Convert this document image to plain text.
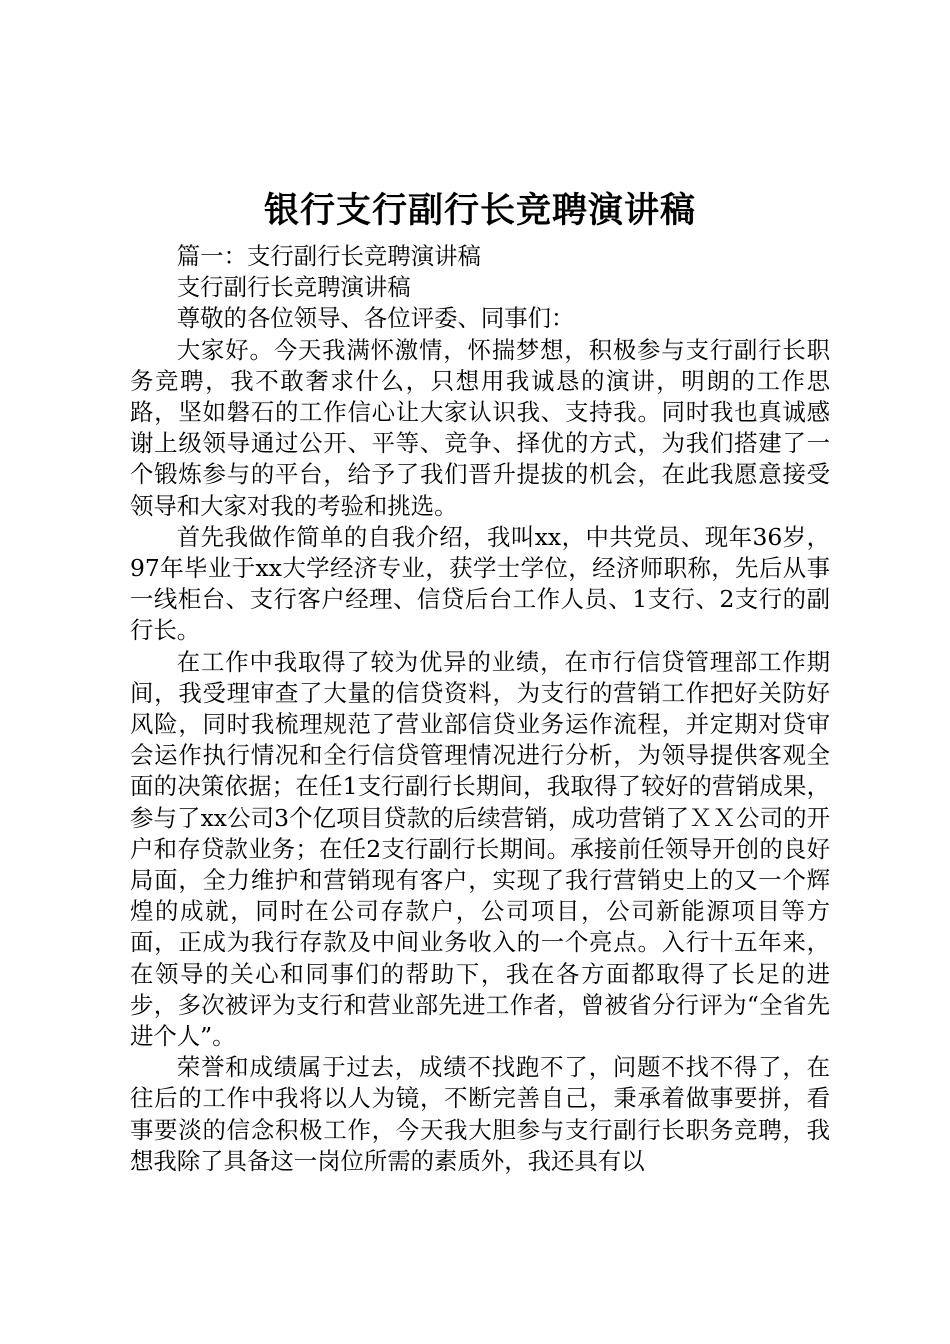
银行支行副行长竞聘演讲稿

篇一：支行副行长竞聘演讲稿

支行副行长竞聘演讲稿

尊敬的各位领导、各位评委、同事们：

大家好。今天我满怀激情，怀揣梦想，积极参与支行副行长职务竞聘，我不敢奢求什么，只想用我诚恳的演讲，明朗的工作思路，坚如磐石的工作信心让大家认识我、支持我。同时我也真诚感谢上级领导通过公开、平等、竞争、择优的方式，为我们搭建了一个锻炼参与的平台，给予了我们晋升提拔的机会，在此我愿意接受领导和大家对我的考验和挑选。

首先我做作简单的自我介绍，我叫xx，中共党员、现年36岁，97年毕业于xx大学经济专业，获学士学位，经济师职称，先后从事一线柜台、支行客户经理、信贷后台工作人员、1支行、2支行的副行长。

在工作中我取得了较为优异的业绩，在市行信贷管理部工作期间，我受理审查了大量的信贷资料，为支行的营销工作把好关防好风险，同时我梳理规范了营业部信贷业务运作流程，并定期对贷审会运作执行情况和全行信贷管理情况进行分析，为领导提供客观全面的决策依据；在任1支行副行长期间，我取得了较好的营销成果，参与了xx公司3个亿项目贷款的后续营销，成功营销了ＸＸ公司的开户和存贷款业务；在任2支行副行长期间。承接前任领导开创的良好局面，全力维护和营销现有客户，实现了我行营销史上的又一个辉煌的成就，同时在公司存款户，公司项目，公司新能源项目等方面，正成为我行存款及中间业务收入的一个亮点。入行十五年来，在领导的关心和同事们的帮助下，我在各方面都取得了长足的进步，多次被评为支行和营业部先进工作者，曾被省分行评为“全省先进个人”。

荣誉和成绩属于过去，成绩不找跑不了，问题不找不得了，在往后的工作中我将以人为镜，不断完善自己，秉承着做事要拼，看事要淡的信念积极工作，今天我大胆参与支行副行长职务竞聘，我想我除了具备这一岗位所需的素质外，我还具有以
